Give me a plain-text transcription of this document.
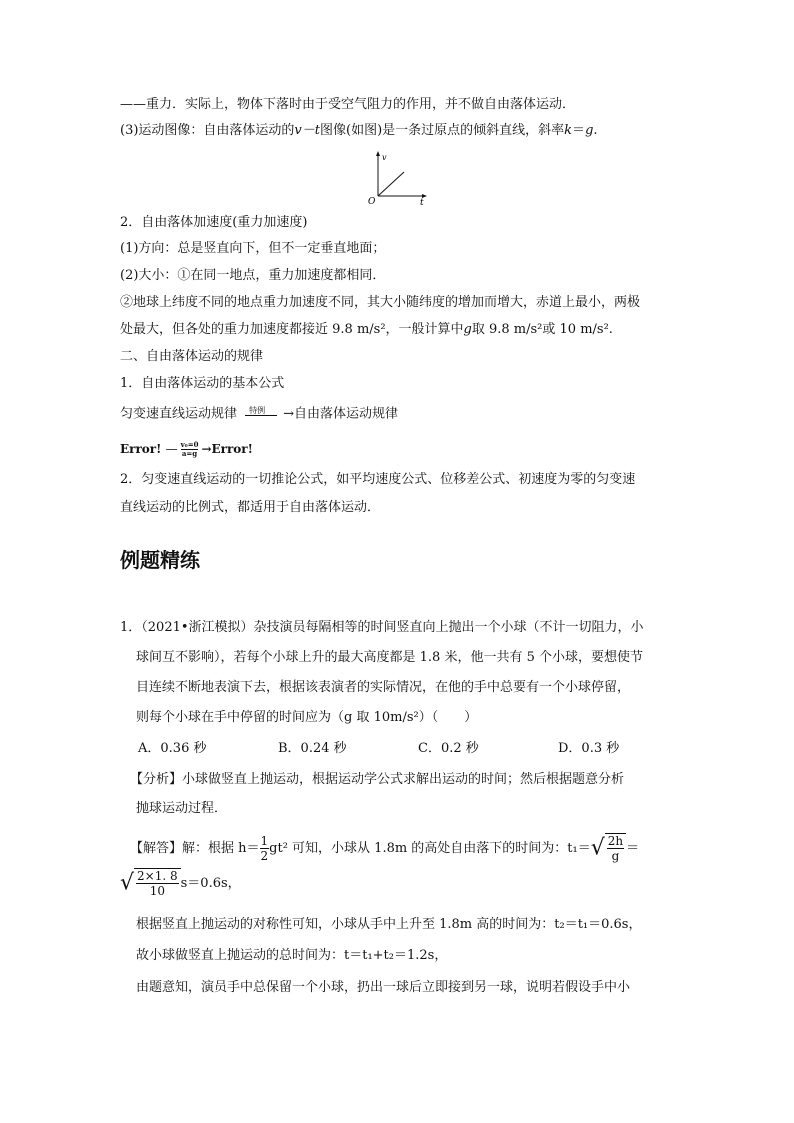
——重力．实际上，物体下落时由于受空气阻力的作用，并不做自由落体运动．
(3)运动图像：自由落体运动的v－t图像(如图)是一条过原点的倾斜直线，斜率k＝g.
v
t
O
2．自由落体加速度(重力加速度)
(1)方向：总是竖直向下，但不一定垂直地面；
(2)大小：①在同一地点，重力加速度都相同．
②地球上纬度不同的地点重力加速度不同，其大小随纬度的增加而增大，赤道上最小，两极
处最大，但各处的重力加速度都接近 9.8 m/s²，一般计算中g取 9.8 m/s²或 10 m/s².
二、自由落体运动的规律
1．自由落体运动的基本公式
匀变速直线运动规律 特例 →自由落体运动规律
Error! — $\frac{\text{v₀=0}}{a=g}$ →Error!
2．匀变速直线运动的一切推论公式，如平均速度公式、位移差公式、初速度为零的匀变速
直线运动的比例式，都适用于自由落体运动．
例题精练
1．（2021•浙江模拟）杂技演员每隔相等的时间竖直向上抛出一个小球（不计一切阻力，小
球间互不影响），若每个小球上升的最大高度都是 1.8 米，他一共有 5 个小球，要想使节
目连续不断地表演下去，根据该表演者的实际情况，在他的手中总要有一个小球停留，
则每个小球在手中停留的时间应为（g 取 10m/s²）（　　）
A．0.36 秒	B．0.24 秒	C．0.2 秒	D．0.3 秒
【分析】小球做竖直上抛运动，根据运动学公式求解出运动的时间；然后根据题意分析
抛球运动过程．
【解答】解：根据 $h= \frac{1}{2} gt^2$ 可知，小球从 1.8m 的高处自由落下的时间为：$t_1=√ \frac{2h}{g}$ ＝
√ $\frac{2\times 1. 8}{10} s=0.6s$，
根据竖直上抛运动的对称性可知，小球从手中上升至 1.8m 高的时间为：t₂＝t₁＝0.6s，
故小球做竖直上抛运动的总时间为：t＝t₁+t₂＝1.2s，
由题意知，演员手中总保留一个小球，扔出一球后立即接到另一球，说明若假设手中小
